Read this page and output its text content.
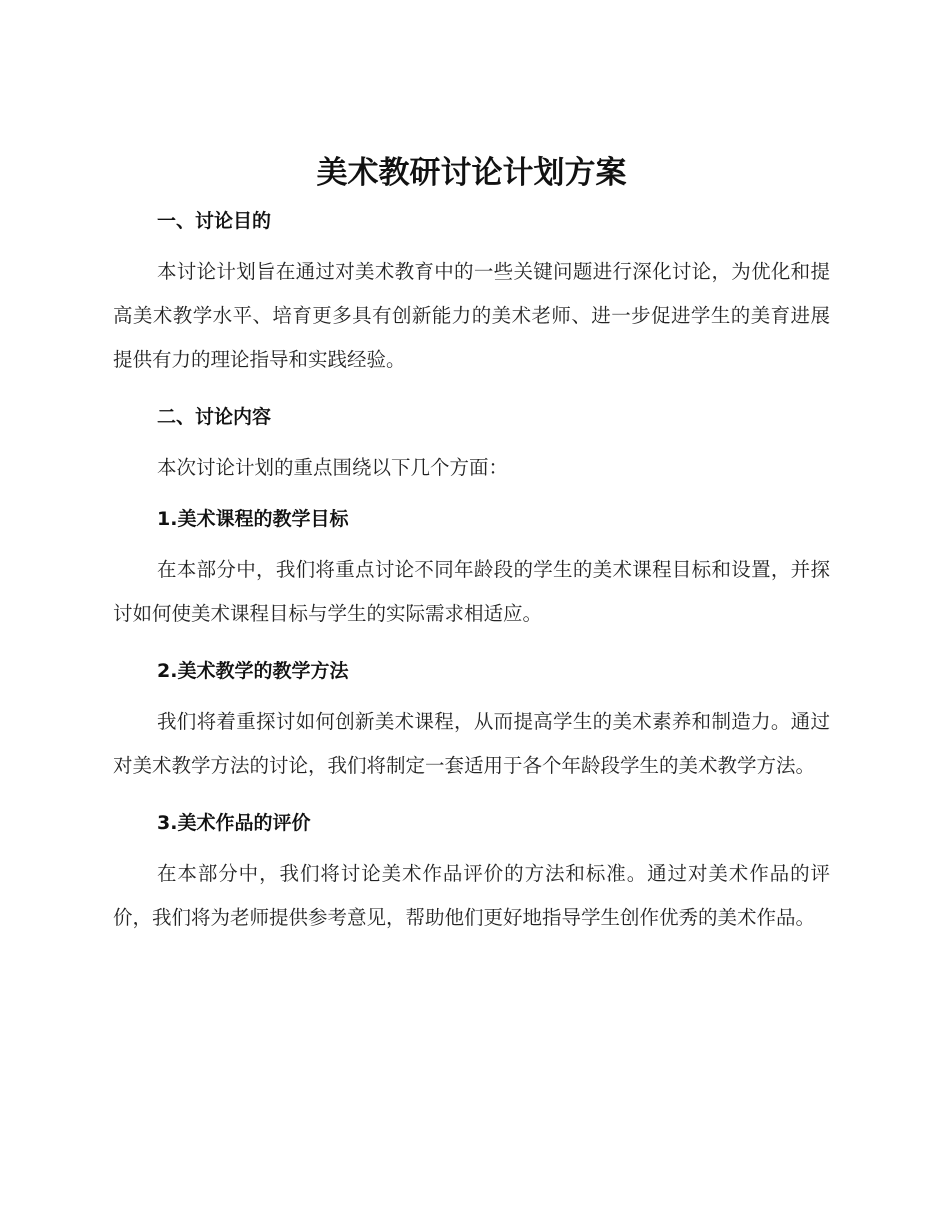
美术教研讨论计划方案
一、讨论目的

本讨论计划旨在通过对美术教育中的一些关键问题进行深化讨论，为优化和提高美术教学水平、培育更多具有创新能力的美术老师、进一步促进学生的美育进展提供有力的理论指导和实践经验。

二、讨论内容

本次讨论计划的重点围绕以下几个方面：

1.美术课程的教学目标

在本部分中，我们将重点讨论不同年龄段的学生的美术课程目标和设置，并探讨如何使美术课程目标与学生的实际需求相适应。

2.美术教学的教学方法

我们将着重探讨如何创新美术课程，从而提高学生的美术素养和制造力。通过对美术教学方法的讨论，我们将制定一套适用于各个年龄段学生的美术教学方法。

3.美术作品的评价

在本部分中，我们将讨论美术作品评价的方法和标准。通过对美术作品的评价，我们将为老师提供参考意见，帮助他们更好地指导学生创作优秀的美术作品。
